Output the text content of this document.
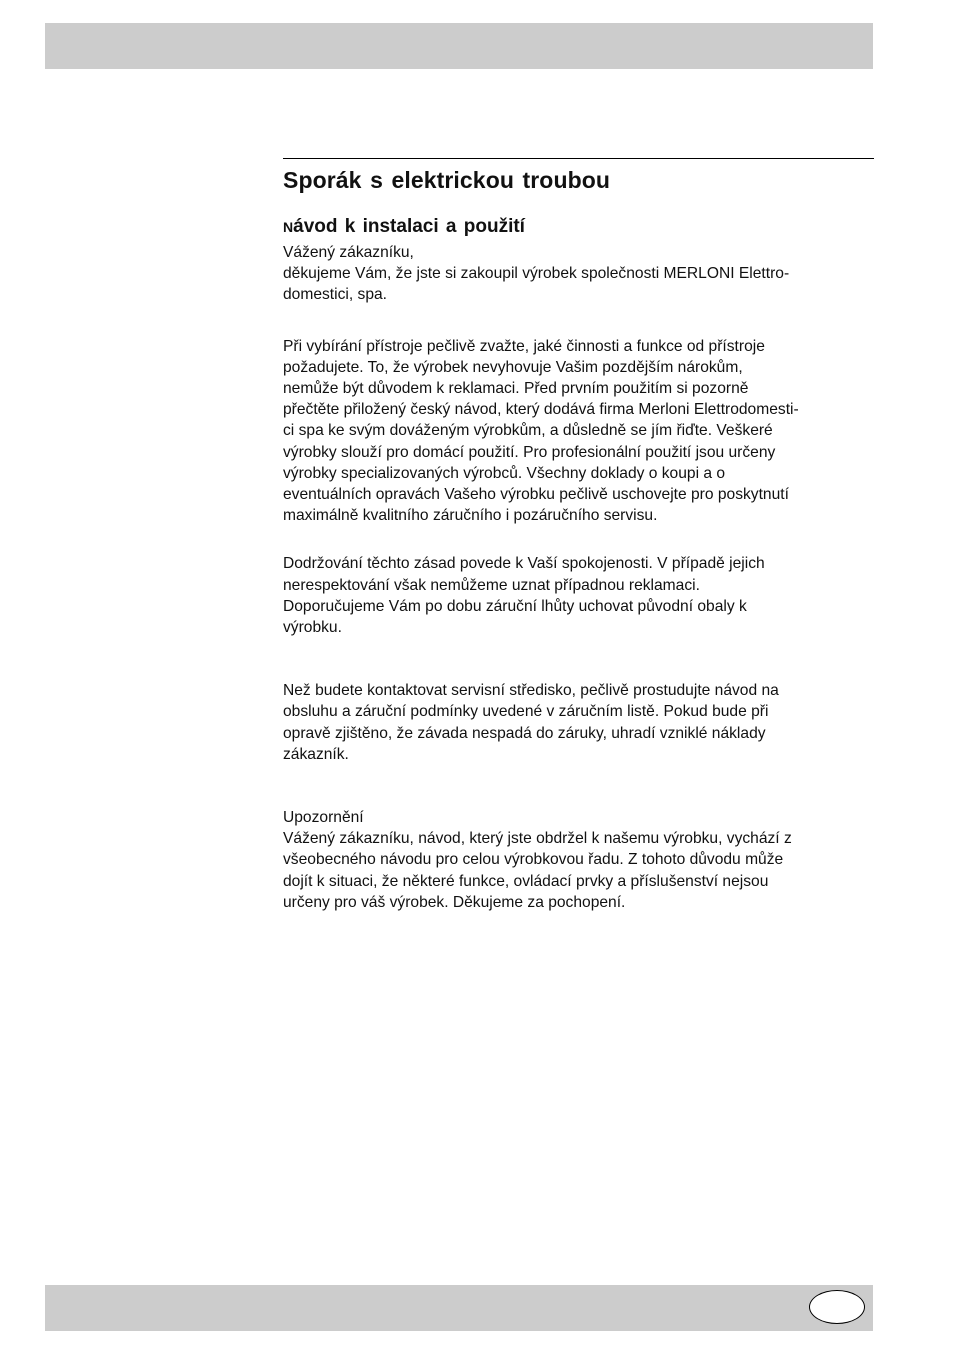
Sporák s elektrickou troubou
Návod k instalaci a použití

Vážený zákazníku,
děkujeme Vám, že jste si zakoupil výrobek společnosti MERLONI Elettro-
domestici, spa.

Při vybírání přístroje pečlivě zvažte, jaké činnosti a funkce od přístroje
požadujete. To, že výrobek nevyhovuje Vašim pozdějším nárokům,
nemůže být důvodem k reklamaci. Před prvním použitím si pozorně
přečtěte přiložený český návod, který dodává firma Merloni Elettrodomesti-
ci spa ke svým dováženým výrobkům, a důsledně se jím řiďte. Veškeré
výrobky slouží pro domácí použití. Pro profesionální použití jsou určeny
výrobky specializovaných výrobců. Všechny doklady o koupi a o
eventuálních opravách Vašeho výrobku pečlivě uschovejte pro poskytnutí
maximálně kvalitního záručního i pozáručního servisu.

Dodržování těchto zásad povede k Vaší spokojenosti. V případě jejich
nerespektování však nemůžeme uznat případnou reklamaci.
Doporučujeme Vám po dobu záruční lhůty uchovat původní obaly k
výrobku.

Než budete kontaktovat servisní středisko, pečlivě prostudujte návod na
obsluhu a záruční podmínky uvedené v záručním listě. Pokud bude při
opravě zjištěno, že závada nespadá do záruky, uhradí vzniklé náklady
zákazník.

Upozornění
Vážený zákazníku, návod, který jste obdržel k našemu výrobku, vychází z
všeobecného návodu pro celou výrobkovou řadu. Z tohoto důvodu může
dojít k situaci, že některé funkce, ovládací prvky a příslušenství nejsou
určeny pro váš výrobek. Děkujeme za pochopení.
